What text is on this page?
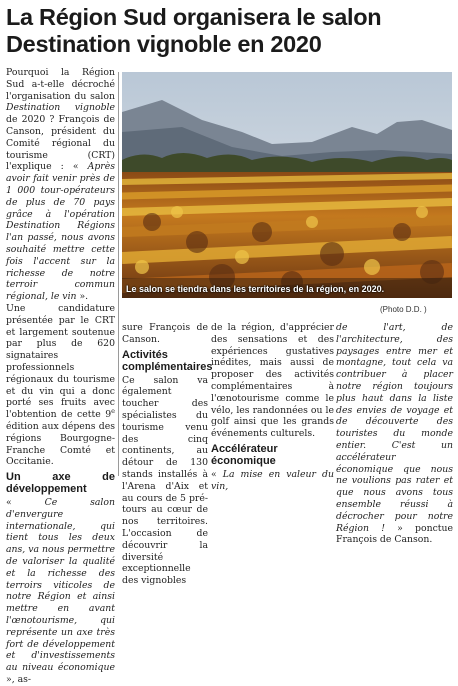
La Région Sud organisera le salon
Destination vignoble en 2020

Pourquoi la Région Sud a-t-elle décroché l'organisation du salon Destination vignoble de 2020 ? François de Canson, président du Comité régional du tourisme (CRT) l'explique : « Après avoir fait venir près de 1 000 tour-opérateurs de plus de 70 pays grâce à l'opération Destination Régions l'an passé, nous avons souhaité mettre cette fois l'accent sur la richesse de notre terroir commun régional, le vin ».

Une candidature présentée par le CRT et largement soutenue par plus de 620 signataires professionnels régionaux du tourisme et du vin qui a donc porté ses fruits avec l'obtention de cette 9e édition aux dépens des régions Bourgogne-Franche Comté et Occitanie.

Un axe de développement

« Ce salon d'envergure internationale, qui tient tous les deux ans, va nous permettre de valoriser la qualité et la richesse des terroirs viticoles de notre Région et ainsi mettre en avant l'œnotourisme, qui représente un axe très fort de développement et d'investissements au niveau économique », as-

Le salon se tiendra dans les territoires de la région, en 2020.
(Photo D.D. )

sure François de Canson.

Activités complémentaires

Ce salon va également toucher des spécialistes du tourisme venu des cinq continents, au détour de 130 stands installés à l'Arena d'Aix et au cours de 5 pré-tours au cœur de nos territoires. L'occasion de découvrir la diversité exceptionnelle des vignobles

de la région, d'apprécier des sensations et des expériences gustatives inédites, mais aussi de proposer des activités complémentaires à l'œnotourisme comme le vélo, les randonnées ou le golf ainsi que les grands événements culturels.

Accélérateur économique

« La mise en valeur du vin,

de l'art, de l'architecture, des paysages entre mer et montagne, tout cela va contribuer à placer notre région toujours plus haut dans la liste des envies de voyage et de découverte des touristes du monde entier. C'est un accélérateur économique que nous ne voulions pas rater et que nous avons tous ensemble réussi à décrocher pour notre Région ! » ponctue François de Canson.
